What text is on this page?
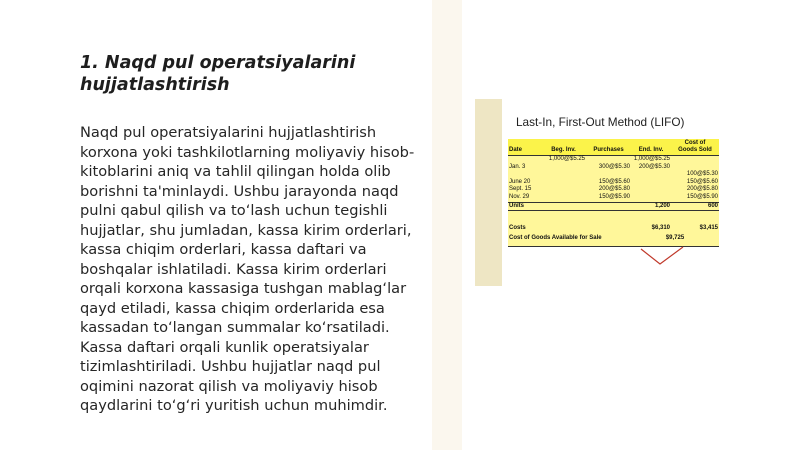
1. Naqd pul operatsiyalarini hujjatlashtirish

Naqd pul operatsiyalarini hujjatlashtirish korxona yoki tashkilotlarning moliyaviy hisob-kitoblarini aniq va tahlil qilingan holda olib borishni ta'minlaydi. Ushbu jarayonda naqd pulni qabul qilish va to‘lash uchun tegishli hujjatlar, shu jumladan, kassa kirim orderlari, kassa chiqim orderlari, kassa daftari va boshqalar ishlatiladi. Kassa kirim orderlari orqali korxona kassasiga tushgan mablag‘lar qayd etiladi, kassa chiqim orderlarida esa kassadan to‘langan summalar ko‘rsatiladi. Kassa daftari orqali kunlik operatsiyalar tizimlashtiriladi. Ushbu hujjatlar naqd pul oqimini nazorat qilish va moliyaviy hisob qaydlarini to‘g‘ri yuritish uchun muhimdir.

Last-In, First-Out Method (LIFO)
Date	Beg. Inv.	Purchases	End. Inv.	Cost of
Goods Sold

	1,000@$5.25		1,000@$5.25	
Jan. 3		300@$5.30	200@$5.30	

				100@$5.30
June 20		150@$5.60		150@$5.60
Sept. 15		200@$5.80		200@$5.80
Nov. 29		150@$5.90		150@$5.90
Units			1,200	600

Costs			$6,310	$3,415
Cost of Goods Available for Sale			$9,725	
